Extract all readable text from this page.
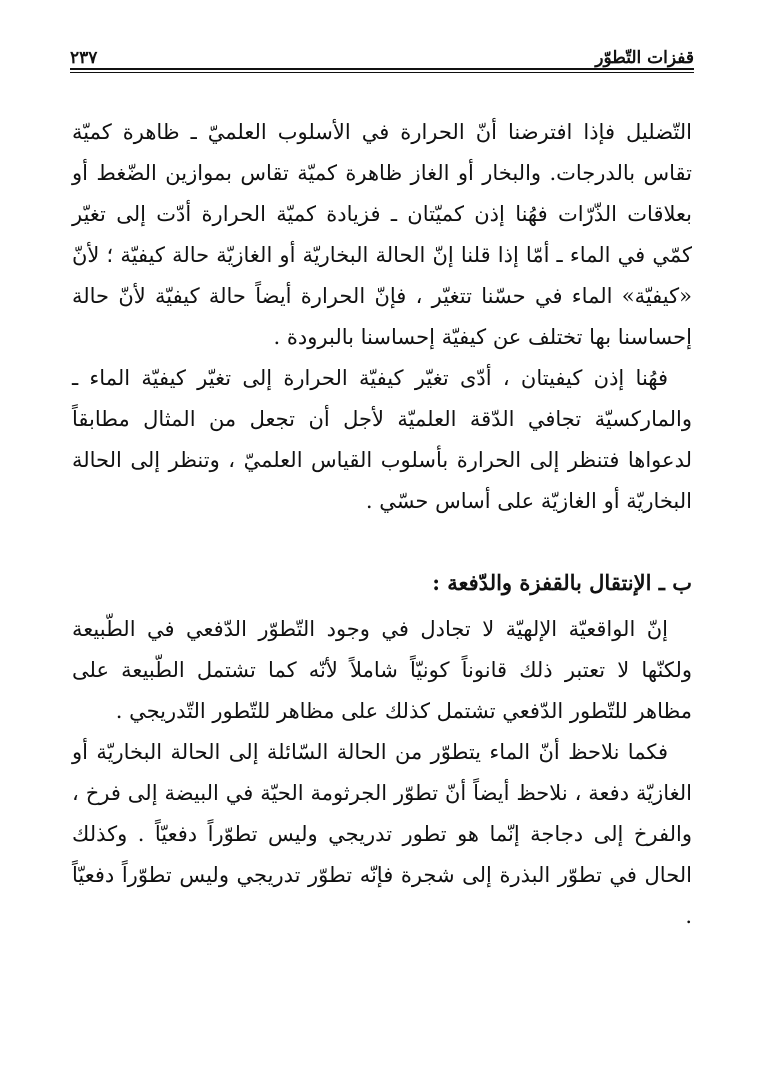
قفزات التّطوّر
٢٣٧

التّضليل فإذا افترضنا أنّ الحرارة في الأسلوب العلميّ ـ ظاهرة كميّة تقاس بالدرجات. والبخار أو الغاز ظاهرة كميّة تقاس بموازين الضّغط أو بعلاقات الذّرّات فهُنا إذن كميّتان ـ فزيادة كميّة الحرارة أدّت إلى تغيّر كمّي في الماء ـ أمّا إذا قلنا إنّ الحالة البخاريّة أو الغازيّة حالة كيفيّة ؛ لأنّ «كيفيّة» الماء في حسّنا تتغيّر ، فإنّ الحرارة أيضاً حالة كيفيّة لأنّ حالة إحساسنا بها تختلف عن كيفيّة إحساسنا بالبرودة .

فهُنا إذن كيفيتان ، أدّى تغيّر كيفيّة الحرارة إلى تغيّر كيفيّة الماء ـ والماركسيّة تجافي الدّقة العلميّة لأجل أن تجعل من المثال مطابقاً لدعواها فتنظر إلى الحرارة بأسلوب القياس العلميّ ، وتنظر إلى الحالة البخاريّة أو الغازيّة على أساس حسّي .

ب ـ الإنتقال بالقفزة والدّفعة :

إنّ الواقعيّة الإلهيّة لا تجادل في وجود التّطوّر الدّفعي في الطّبيعة ولكنّها لا تعتبر ذلك قانوناً كونيّاً شاملاً لأنّه كما تشتمل الطّبيعة على مظاهر للتّطور الدّفعي تشتمل كذلك على مظاهر للتّطور التّدريجي .

فكما نلاحظ أنّ الماء يتطوّر من الحالة السّائلة إلى الحالة البخاريّة أو الغازيّة دفعة ، نلاحظ أيضاً أنّ تطوّر الجرثومة الحيّة في البيضة إلى فرخ ، والفرخ إلى دجاجة إنّما هو تطور تدريجي وليس تطوّراً دفعيّاً . وكذلك الحال في تطوّر البذرة إلى شجرة فإنّه تطوّر تدريجي وليس تطوّراً دفعيّاً .
